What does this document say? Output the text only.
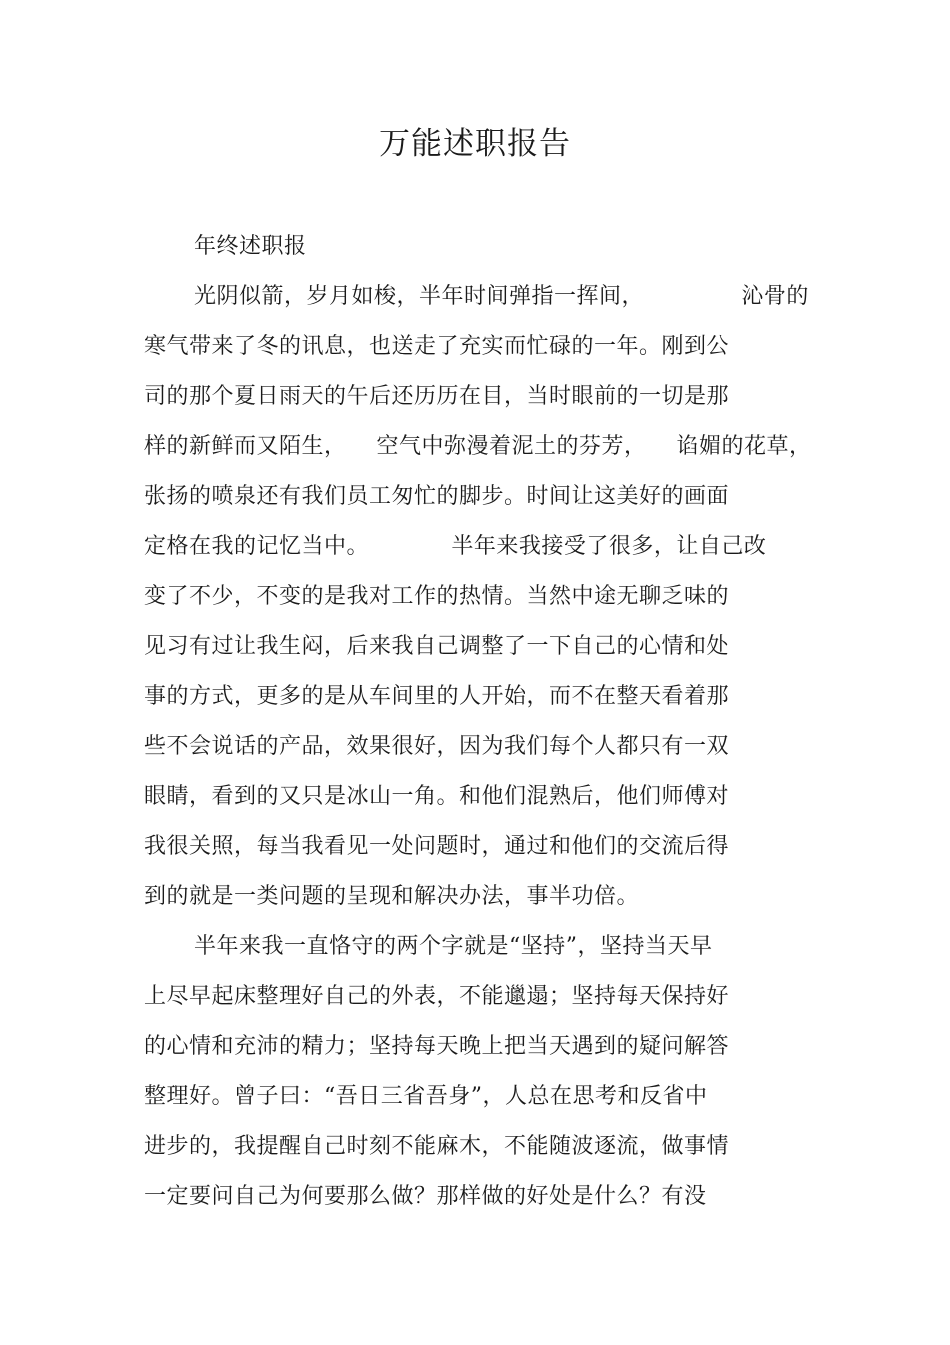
万能述职报告
年终述职报
光阴似箭，岁月如梭，半年时间弹指一挥间，             沁骨的
寒气带来了冬的讯息，也送走了充实而忙碌的一年。刚到公
司的那个夏日雨天的午后还历历在目，当时眼前的一切是那
样的新鲜而又陌生，    空气中弥漫着泥土的芬芳，    谄媚的花草，
张扬的喷泉还有我们员工匆忙的脚步。时间让这美好的画面
定格在我的记忆当中。           半年来我接受了很多，让自己改
变了不少，不变的是我对工作的热情。当然中途无聊乏味的
见习有过让我生闷，后来我自己调整了一下自己的心情和处
事的方式，更多的是从车间里的人开始，而不在整天看着那
些不会说话的产品，效果很好，因为我们每个人都只有一双
眼睛，看到的又只是冰山一角。和他们混熟后，他们师傅对
我很关照，每当我看见一处问题时，通过和他们的交流后得
到的就是一类问题的呈现和解决办法，事半功倍。
半年来我一直恪守的两个字就是“坚持”，坚持当天早
上尽早起床整理好自己的外表，不能邋遢；坚持每天保持好
的心情和充沛的精力；坚持每天晚上把当天遇到的疑问解答
整理好。曾子曰：“吾日三省吾身”，人总在思考和反省中
进步的，我提醒自己时刻不能麻木，不能随波逐流，做事情
一定要问自己为何要那么做？那样做的好处是什么？有没
